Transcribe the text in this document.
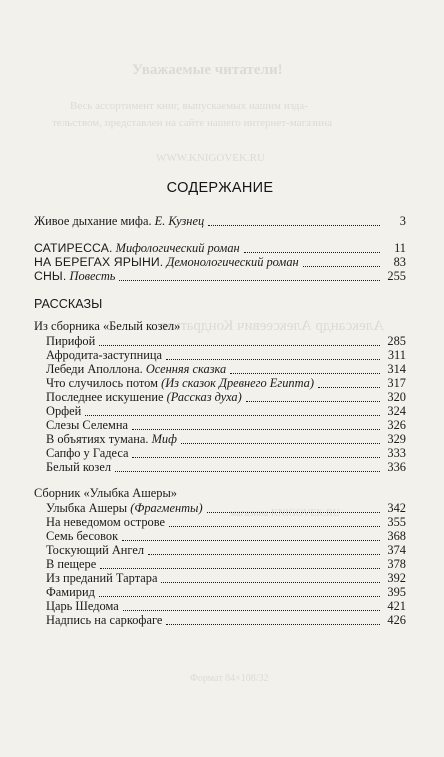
Уважаемые читатели!
Весь ассортимент книг, выпускаемых нашим изда-
тельством, представлен на сайте нашего интернет-магазина
WWW.KNIGOVEK.RU
Александр Алексеевич Кондратьев
магазина KNIGOVEK.RU
Формат 84×108/32
СОДЕРЖАНИЕ
Живое дыхание мифа. Е. Кузнец	3
САТИРЕССА. Мифологический роман	11
НА БЕРЕГАХ ЯРЫНИ. Демонологический роман	83
СНЫ. Повесть	255
РАССКАЗЫ
Из сборника «Белый козел»
Пирифой	285
Афродита-заступница	311
Лебеди Аполлона. Осенняя сказка	314
Что случилось потом (Из сказок Древнего Египта)	317
Последнее искушение (Рассказ духа)	320
Орфей	324
Слезы Селемна	326
В объятиях тумана. Миф	329
Сапфо у Гадеса	333
Белый козел	336
Сборник «Улыбка Ашеры»
Улыбка Ашеры (Фрагменты)	342
На неведомом острове	355
Семь бесовок	368
Тоскующий Ангел	374
В пещере	378
Из преданий Тартара	392
Фамирид	395
Царь Шедома	421
Надпись на саркофаге	426
